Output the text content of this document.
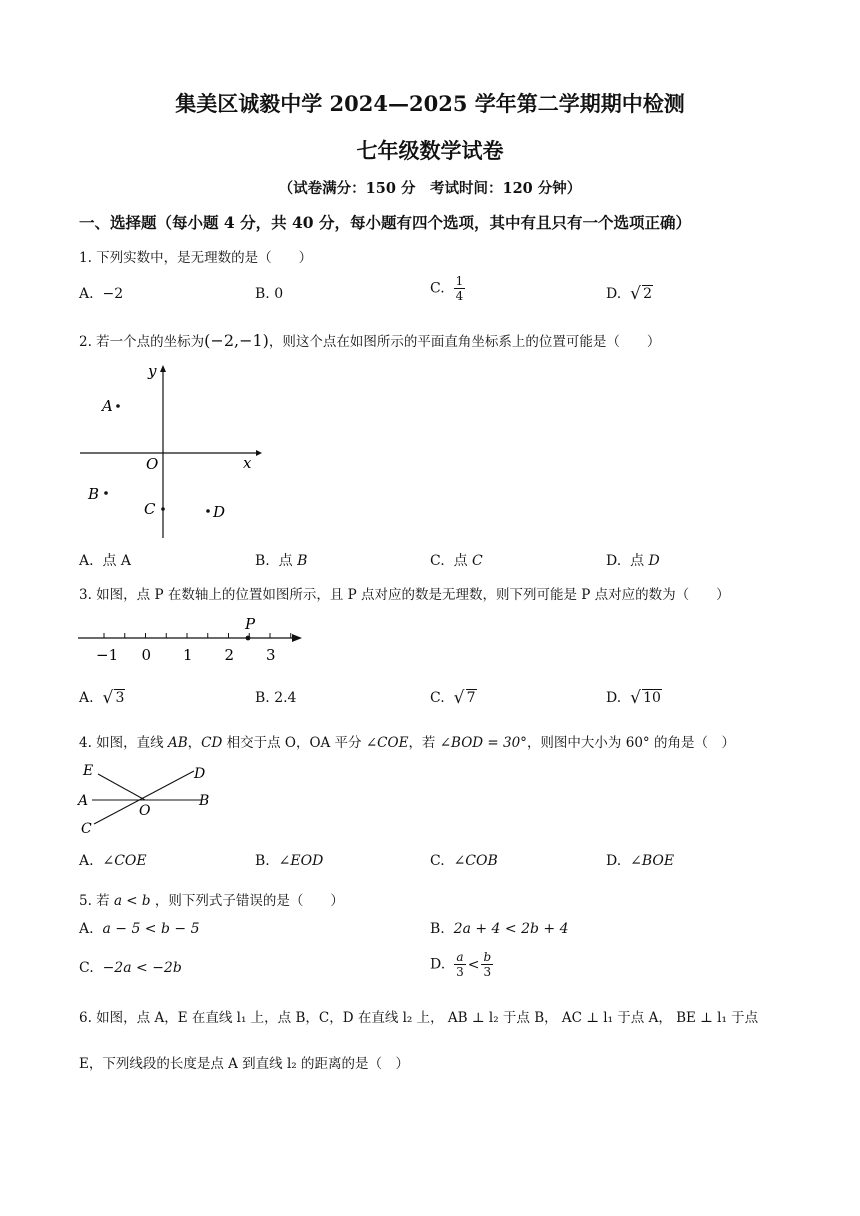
集美区诚毅中学 2024—2025 学年第二学期期中检测
七年级数学试卷
（试卷满分：150 分　考试时间：120 分钟）
一、选择题（每小题 4 分，共 40 分，每小题有四个选项，其中有且只有一个选项正确）
1. 下列实数中，是无理数的是（　　）
A. −2	B. 0	C. $\frac{1}{4}$	D. √ 2
2. 若一个点的坐标为(−2,−1)，则这个点在如图所示的平面直角坐标系上的位置可能是（　　）
y
x
O
A
B
C	D
A. 点 A	B. 点 B	C. 点 C	D. 点 D
3. 如图，点 P 在数轴上的位置如图所示，且 P 点对应的数是无理数，则下列可能是 P 点对应的数为（　　）
−1 0 1 2 3
P
A. √ 3	B. 2.4	C. √ 7	D. √ 10
4. 如图，直线 AB，CD 相交于点 O，OA 平分 ∠COE，若 ∠BOD = 30°，则图中大小为 60° 的角是（　）
E	D
A	B
O
C
A. ∠COE	B. ∠EOD	C. ∠COB	D. ∠BOE
5. 若 a < b ，则下列式子错误的是（　　）
A. a − 5 < b − 5	B. 2a + 4 < 2b + 4
C. −2a < −2b	D. $\frac{a}{3} < \frac{b}{3}$
6. 如图，点 A，E 在直线 l₁ 上，点 B，C，D 在直线 l₂ 上， AB ⊥ l₂ 于点 B， AC ⊥ l₁ 于点 A， BE ⊥ l₁ 于点
E，下列线段的长度是点 A 到直线 l₂ 的距离的是（　）
